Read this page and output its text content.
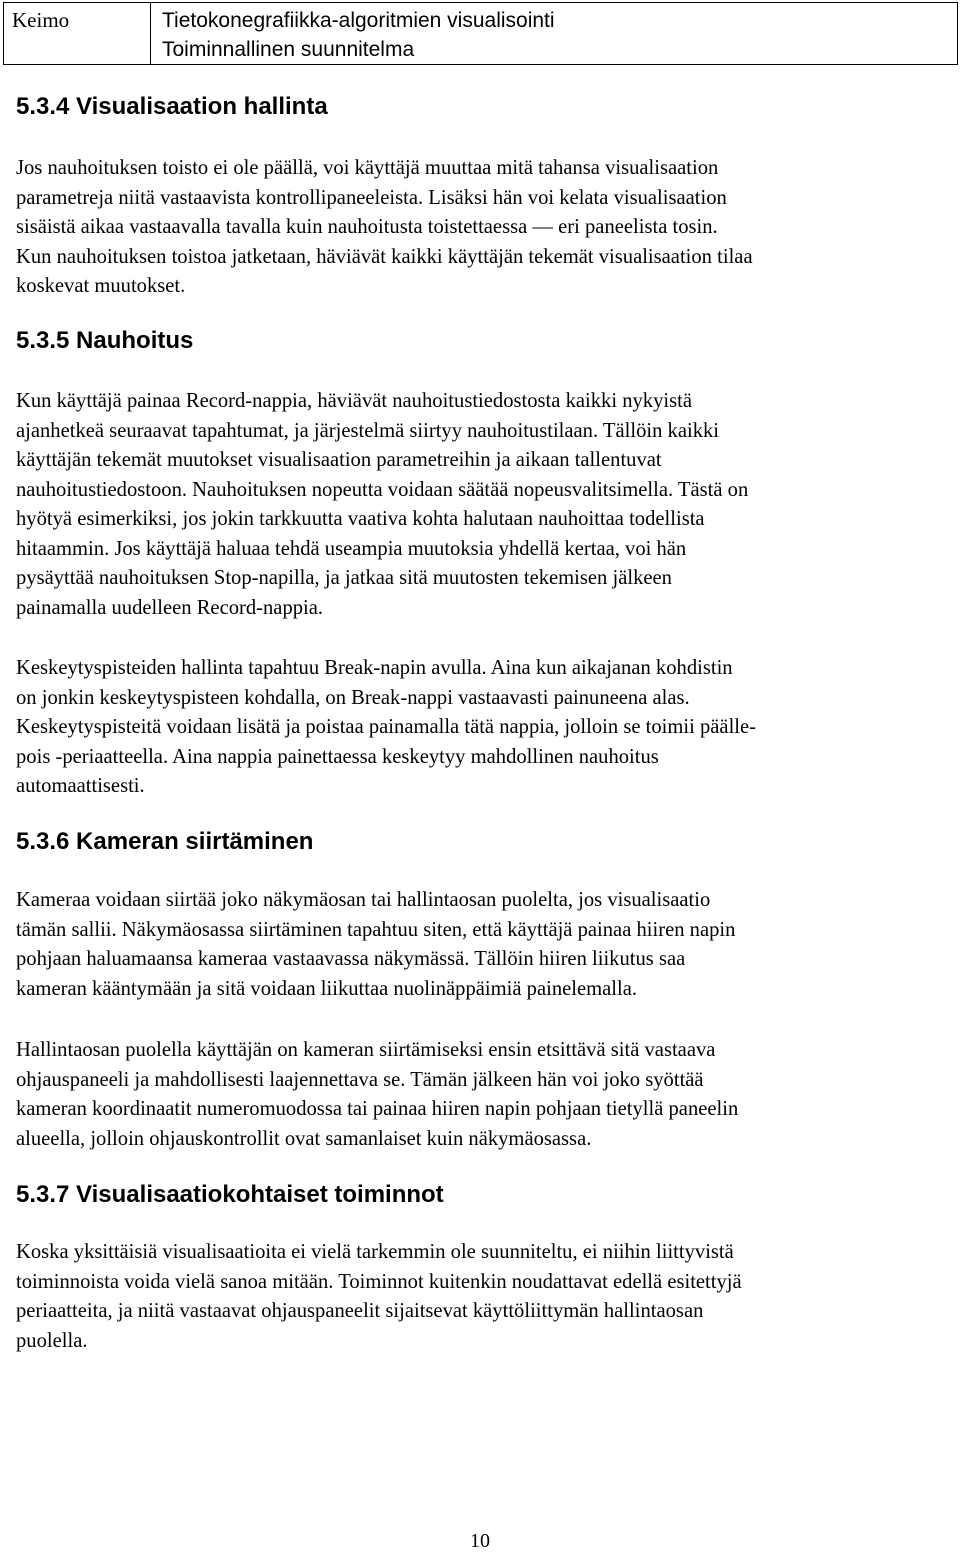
Keimo	Tietokonegrafiikka-algoritmien visualisointi
Toiminnallinen suunnitelma
5.3.4 Visualisaation hallinta
Jos nauhoituksen toisto ei ole päällä, voi käyttäjä muuttaa mitä tahansa visualisaation
parametreja niitä vastaavista kontrollipaneeleista. Lisäksi hän voi kelata visualisaation
sisäistä aikaa vastaavalla tavalla kuin nauhoitusta toistettaessa — eri paneelista tosin.
Kun nauhoituksen toistoa jatketaan, häviävät kaikki käyttäjän tekemät visualisaation tilaa
koskevat muutokset.
5.3.5 Nauhoitus
Kun käyttäjä painaa Record-nappia, häviävät nauhoitustiedostosta kaikki nykyistä
ajanhetkeä seuraavat tapahtumat, ja järjestelmä siirtyy nauhoitustilaan. Tällöin kaikki
käyttäjän tekemät muutokset visualisaation parametreihin ja aikaan tallentuvat
nauhoitustiedostoon. Nauhoituksen nopeutta voidaan säätää nopeusvalitsimella. Tästä on
hyötyä esimerkiksi, jos jokin tarkkuutta vaativa kohta halutaan nauhoittaa todellista
hitaammin. Jos käyttäjä haluaa tehdä useampia muutoksia yhdellä kertaa, voi hän
pysäyttää nauhoituksen Stop-napilla, ja jatkaa sitä muutosten tekemisen jälkeen
painamalla uudelleen Record-nappia.
Keskeytyspisteiden hallinta tapahtuu Break-napin avulla. Aina kun aikajanan kohdistin
on jonkin keskeytyspisteen kohdalla, on Break-nappi vastaavasti painuneena alas.
Keskeytyspisteitä voidaan lisätä ja poistaa painamalla tätä nappia, jolloin se toimii päälle-
pois -periaatteella. Aina nappia painettaessa keskeytyy mahdollinen nauhoitus
automaattisesti.
5.3.6 Kameran siirtäminen
Kameraa voidaan siirtää joko näkymäosan tai hallintaosan puolelta, jos visualisaatio
tämän sallii. Näkymäosassa siirtäminen tapahtuu siten, että käyttäjä painaa hiiren napin
pohjaan haluamaansa kameraa vastaavassa näkymässä. Tällöin hiiren liikutus saa
kameran kääntymään ja sitä voidaan liikuttaa nuolinäppäimiä painelemalla.
Hallintaosan puolella käyttäjän on kameran siirtämiseksi ensin etsittävä sitä vastaava
ohjauspaneeli ja mahdollisesti laajennettava se. Tämän jälkeen hän voi joko syöttää
kameran koordinaatit numeromuodossa tai painaa hiiren napin pohjaan tietyllä paneelin
alueella, jolloin ohjauskontrollit ovat samanlaiset kuin näkymäosassa.
5.3.7 Visualisaatiokohtaiset toiminnot
Koska yksittäisiä visualisaatioita ei vielä tarkemmin ole suunniteltu, ei niihin liittyvistä
toiminnoista voida vielä sanoa mitään. Toiminnot kuitenkin noudattavat edellä esitettyjä
periaatteita, ja niitä vastaavat ohjauspaneelit sijaitsevat käyttöliittymän hallintaosan
puolella.
10
